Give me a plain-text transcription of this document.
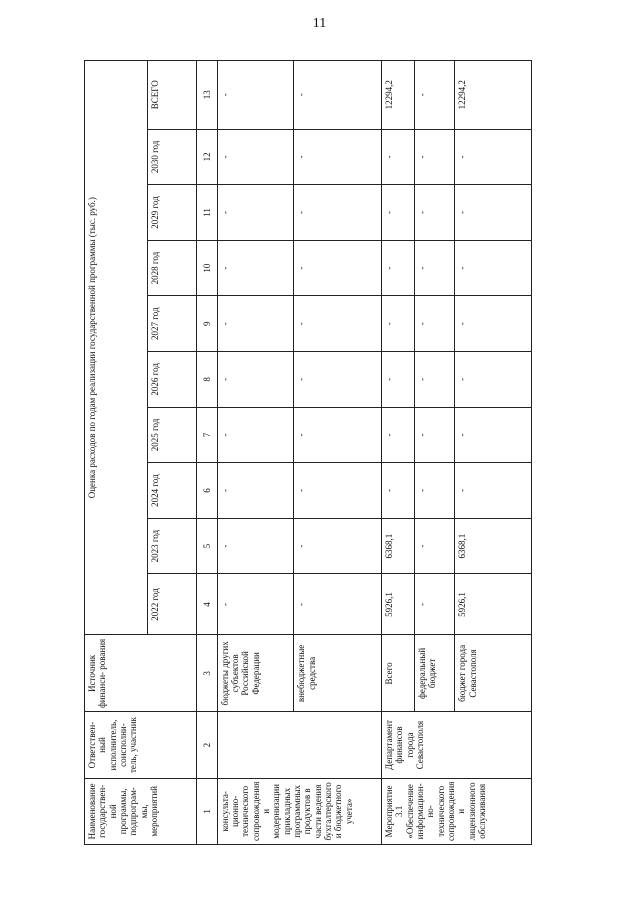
11
Наименование государствен- ной программы, подпрограм- мы, мероприятий	Ответствен- ный исполнитель, соисполни- тель, участник	Источник финанси- рования	Оценка расходов по годам реализации государственной программы (тыс. руб.)									
			2022 год	2023 год	2024 год	2025 год	2026 год	2027 год	2028 год	2029 год	2030 год	ВСЕГО
1	2	3	4	5	6	7	8	9	10	11	12	13
консульта- ционно- технического сопровождения и модернизации прикладных программных продуктов в части ведения бухгалтерского и бюджетного учета»		бюджеты других субъектов Российской Федерации	-	-	-	-	-	-	-	-	-	-
		внебюджетные средства	-	-	-	-	-	-	-	-	-	-
Мероприятие 3.1 «Обеспечение информацион- но- технического сопровождения и лицензионного обслуживания	Департамент финансов города Севастополя	Всего	5926,1	6368,1	-	-	-	-	-	-	-	12294,2
		федеральный бюджет	-	-	-	-	-	-	-	-	-	-
		бюджет города Севастополя	5926,1	6368,1	-	-	-	-	-	-	-	12294,2
